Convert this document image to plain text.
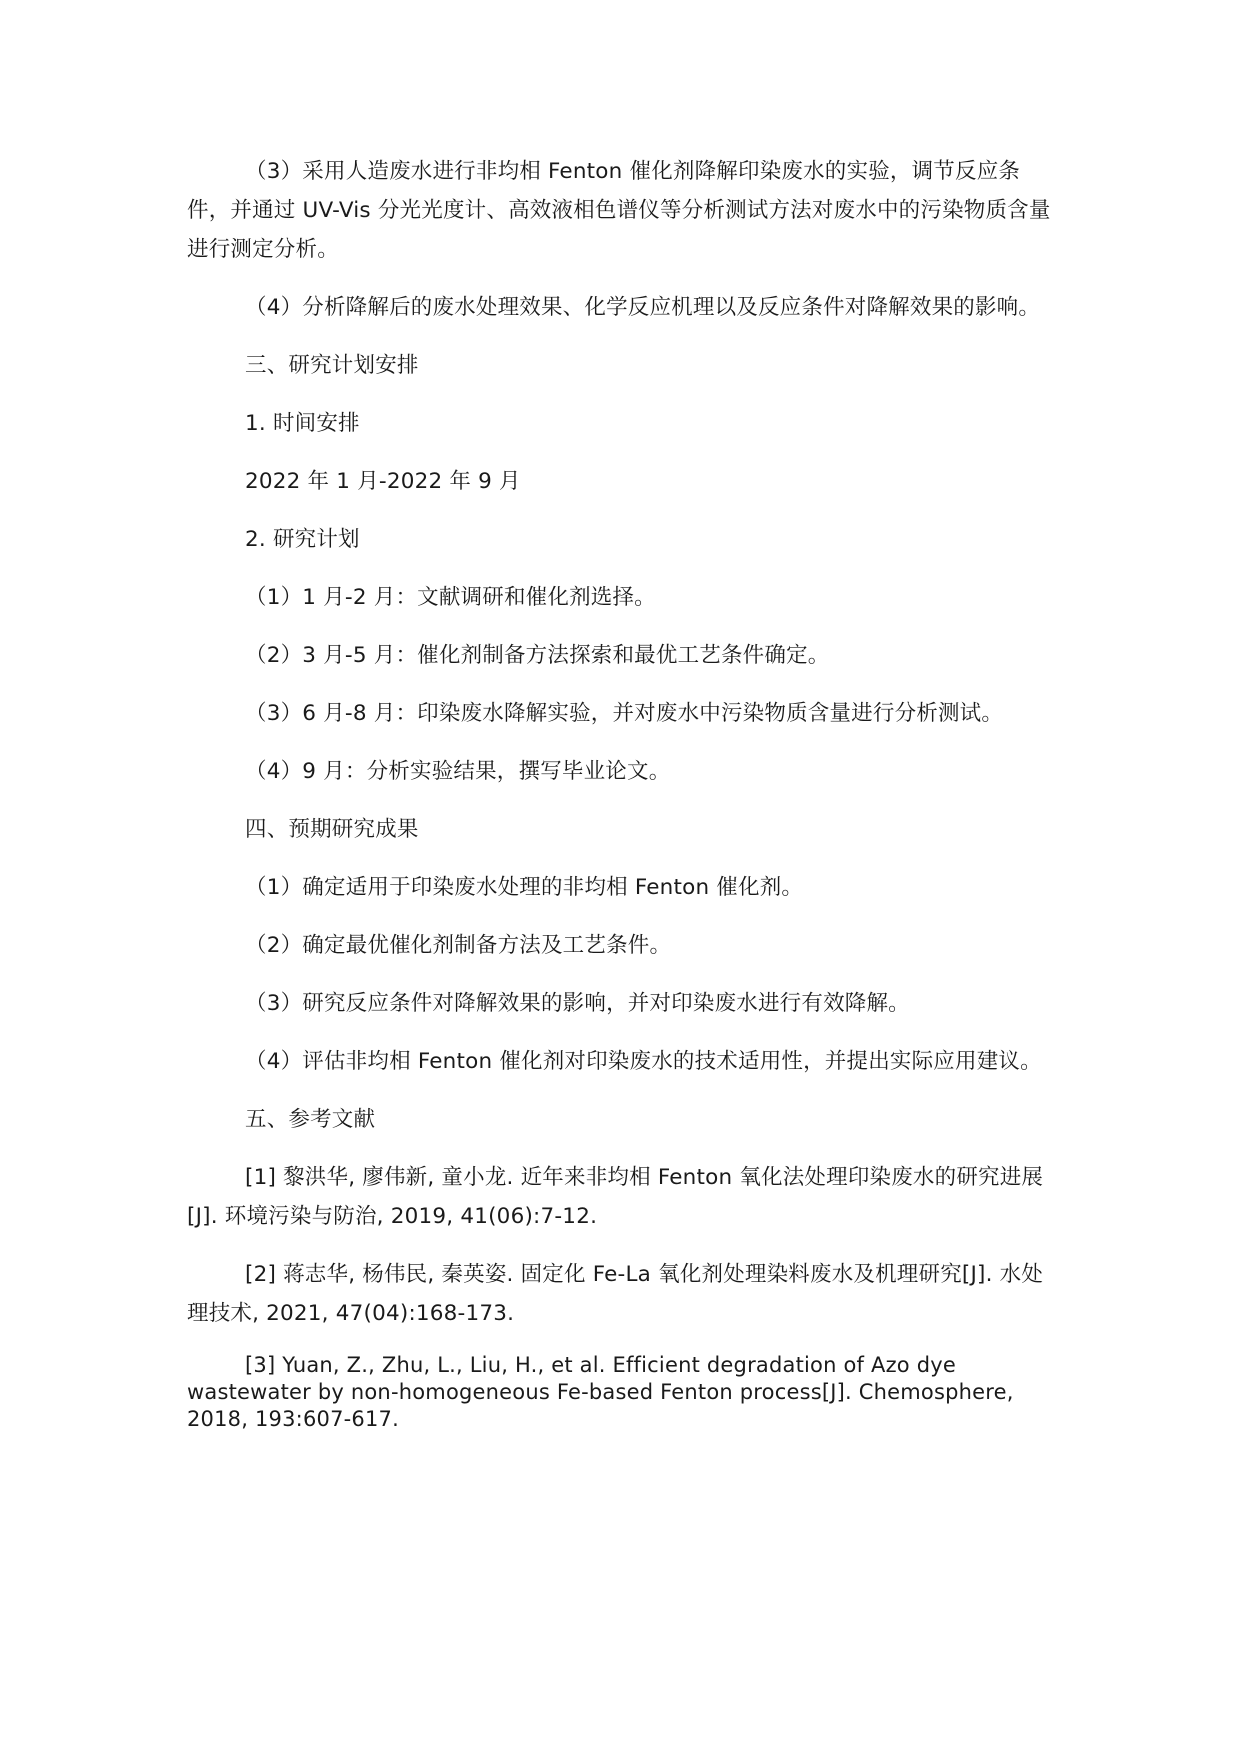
（3）采用人造废水进行非均相 Fenton 催化剂降解印染废水的实验，调节反应条件，并通过 UV-Vis 分光光度计、高效液相色谱仪等分析测试方法对废水中的污染物质含量进行测定分析。

（4）分析降解后的废水处理效果、化学反应机理以及反应条件对降解效果的影响。

三、研究计划安排

1. 时间安排

2022 年 1 月-2022 年 9 月

2. 研究计划

（1）1 月-2 月：文献调研和催化剂选择。

（2）3 月-5 月：催化剂制备方法探索和最优工艺条件确定。

（3）6 月-8 月：印染废水降解实验，并对废水中污染物质含量进行分析测试。

（4）9 月：分析实验结果，撰写毕业论文。

四、预期研究成果

（1）确定适用于印染废水处理的非均相 Fenton 催化剂。

（2）确定最优催化剂制备方法及工艺条件。

（3）研究反应条件对降解效果的影响，并对印染废水进行有效降解。

（4）评估非均相 Fenton 催化剂对印染废水的技术适用性，并提出实际应用建议。

五、参考文献

[1] 黎洪华, 廖伟新, 童小龙. 近年来非均相 Fenton 氧化法处理印染废水的研究进展[J]. 环境污染与防治, 2019, 41(06):7-12.

[2] 蒋志华, 杨伟民, 秦英姿. 固定化 Fe-La 氧化剂处理染料废水及机理研究[J]. 水处理技术, 2021, 47(04):168-173.

[3] Yuan, Z., Zhu, L., Liu, H., et al. Efficient degradation of Azo dye wastewater by non-homogeneous Fe-based Fenton process[J]. Chemosphere, 2018, 193:607-617.
